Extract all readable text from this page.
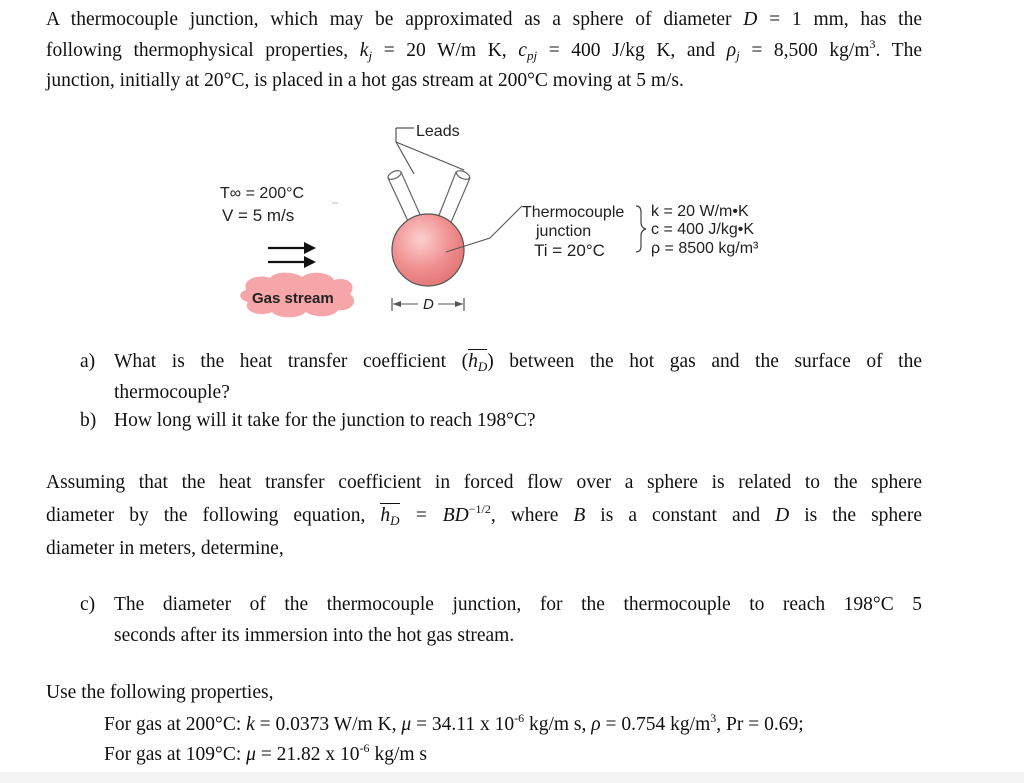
A thermocouple junction, which may be approximated as a sphere of diameter D = 1 mm, has the
following thermophysical properties, $k_j = 20$ W/m K, $c_{pj} = 400$ J/kg K, and $\rho_j = 8,500$ $kg/m^3$. The
junction, initially at 20°C, is placed in a hot gas stream at 200°C moving at 5 m/s.
Leads
D
T∞ = 200°C
V = 5 m/s
Gas stream
Thermocouple
junction
Ti = 20°C
k = 20 W/m•K
c = 400 J/kg•K
ρ = 8500 kg/m³
a) What is the heat transfer coefficient $(h_D)$ between the hot gas and the surface of the
thermocouple?
b) How long will it take for the junction to reach 198°C?
Assuming that the heat transfer coefficient in forced flow over a sphere is related to the sphere
diameter by the following equation, $h_D = BD^{-1/2}$, where B is a constant and D is the sphere
diameter in meters, determine,
c) The diameter of the thermocouple junction, for the thermocouple to reach 198°C 5
seconds after its immersion into the hot gas stream.
Use the following properties,
For gas at 200°C: k = 0.0373 W/m K, μ = 34.11 x $10^{-6}$ kg/m s, ρ = 0.754 $kg/m^3$, Pr = 0.69;
For gas at 109°C: μ = 21.82 x $10^{-6}$ kg/m s
